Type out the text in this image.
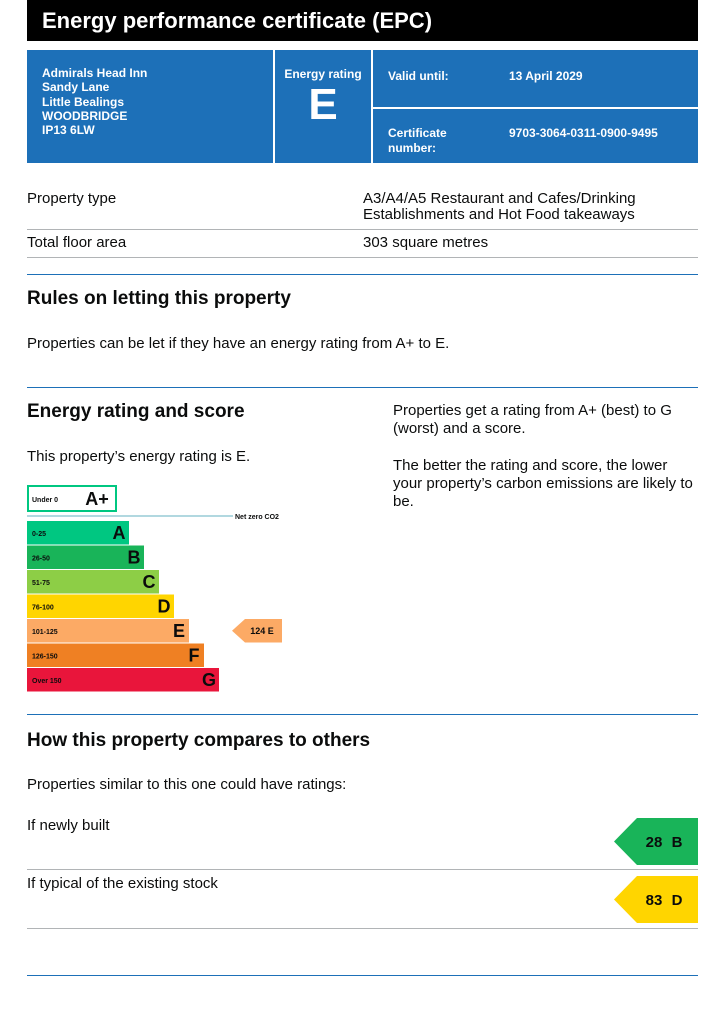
Energy performance certificate (EPC)
Admirals Head Inn
Sandy Lane
Little Bealings
WOODBRIDGE
IP13 6LW
Energy rating
E
Valid until:	13 April 2029
Certificate
number:
9703-3064-0311-0900-9495
Property type	A3/A4/A5 Restaurant and Cafes/Drinking
Establishments and Hot Food takeaways
Total floor area	303 square metres
Rules on letting this property
Properties can be let if they have an energy rating from A+ to E.
Energy rating and score
This property’s energy rating is E.
Properties get a rating from A+ (best) to G (worst) and a score.
The better the rating and score, the lower your property’s carbon emissions are likely to be.
Under 0 A+
0-25	A
26-50	B
51-75	C
76-100	D
101-125	E
126-150	F
Over 150	G
Net zero CO2
124 E
How this property compares to others
Properties similar to this one could have ratings:
If newly built
28 B
If typical of the existing stock
83 D
